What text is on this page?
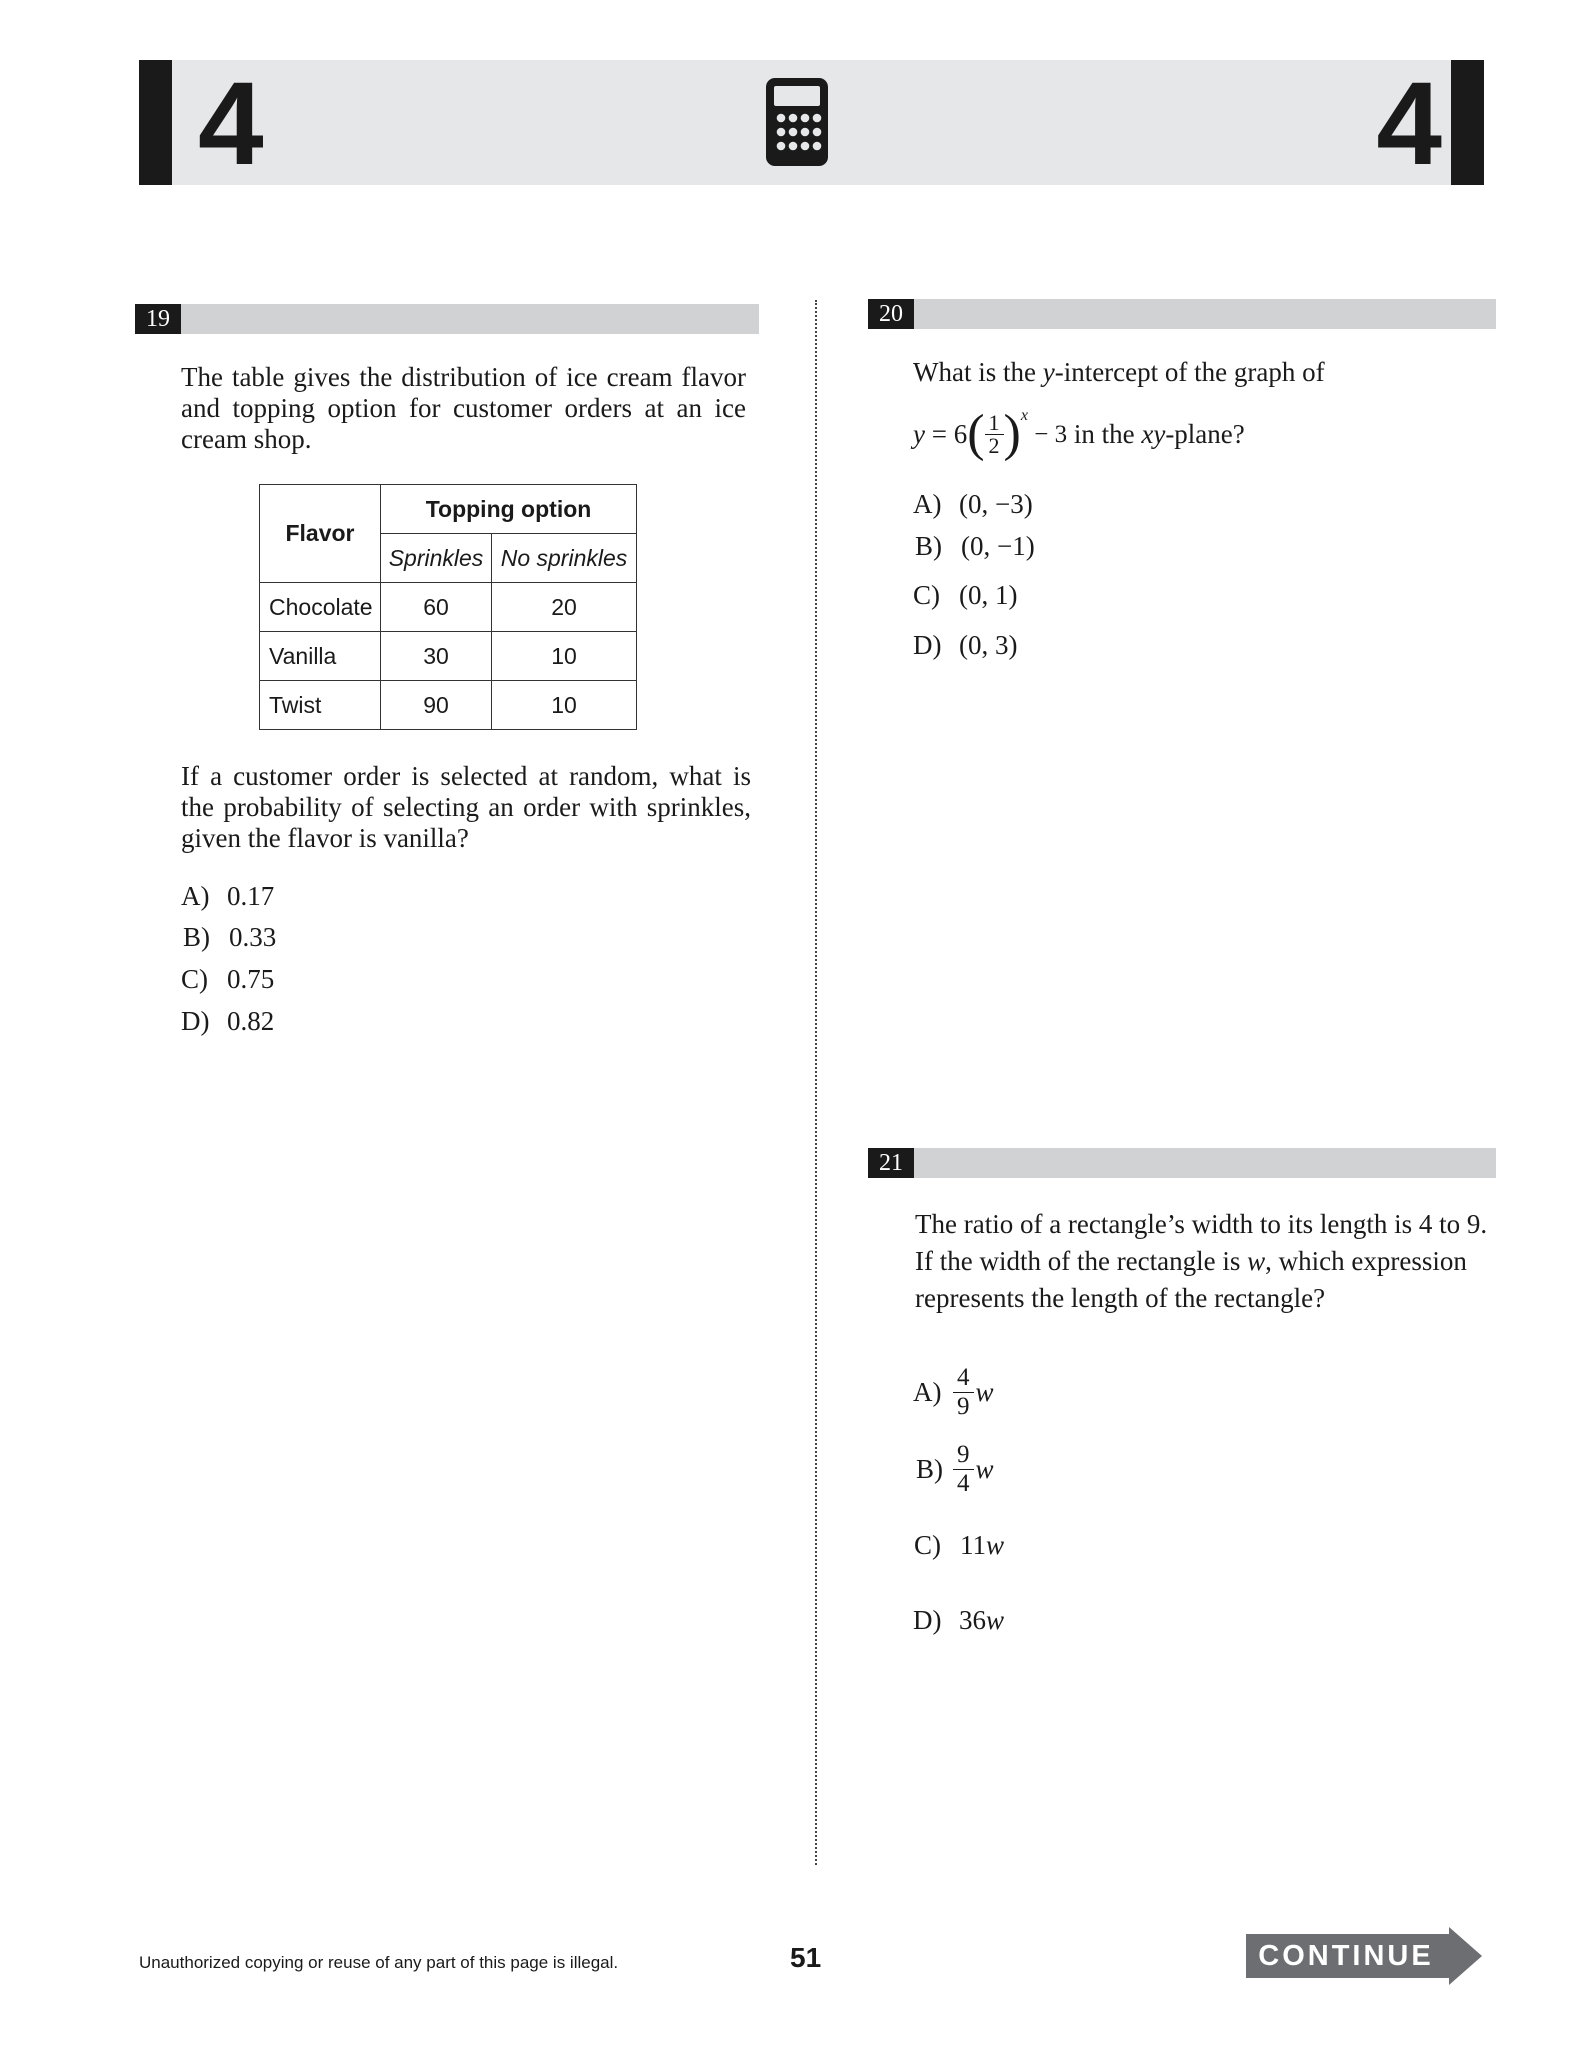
4	4
19
The table gives the distribution of ice cream flavor and topping option for customer orders at an ice cream shop.
Flavor	Topping option	
	Sprinkles	No sprinkles
Chocolate	60	20
Vanilla	30	10
Twist	90	10
If a customer order is selected at random, what is the probability of selecting an order with sprinkles, given the flavor is vanilla?
A) 0.17
B) 0.33
C) 0.75
D) 0.82
20
What is the y-intercept of the graph of
y = 6 ( $\frac{1}{2}$ ) x
− 3 in the xy -plane?
A) (0, −3)
B) (0, −1)
C) (0, 1)
D) (0, 3)
21
The ratio of a rectangle’s width to its length is 4 to 9.
If the width of the rectangle is w, which expression
represents the length of the rectangle?
$A) \frac{4}{9}$ w
$B) \frac{9}{4}$ w
C) 11w
D) 36w
Unauthorized copying or reuse of any part of this page is illegal.	51	CONTINUE
